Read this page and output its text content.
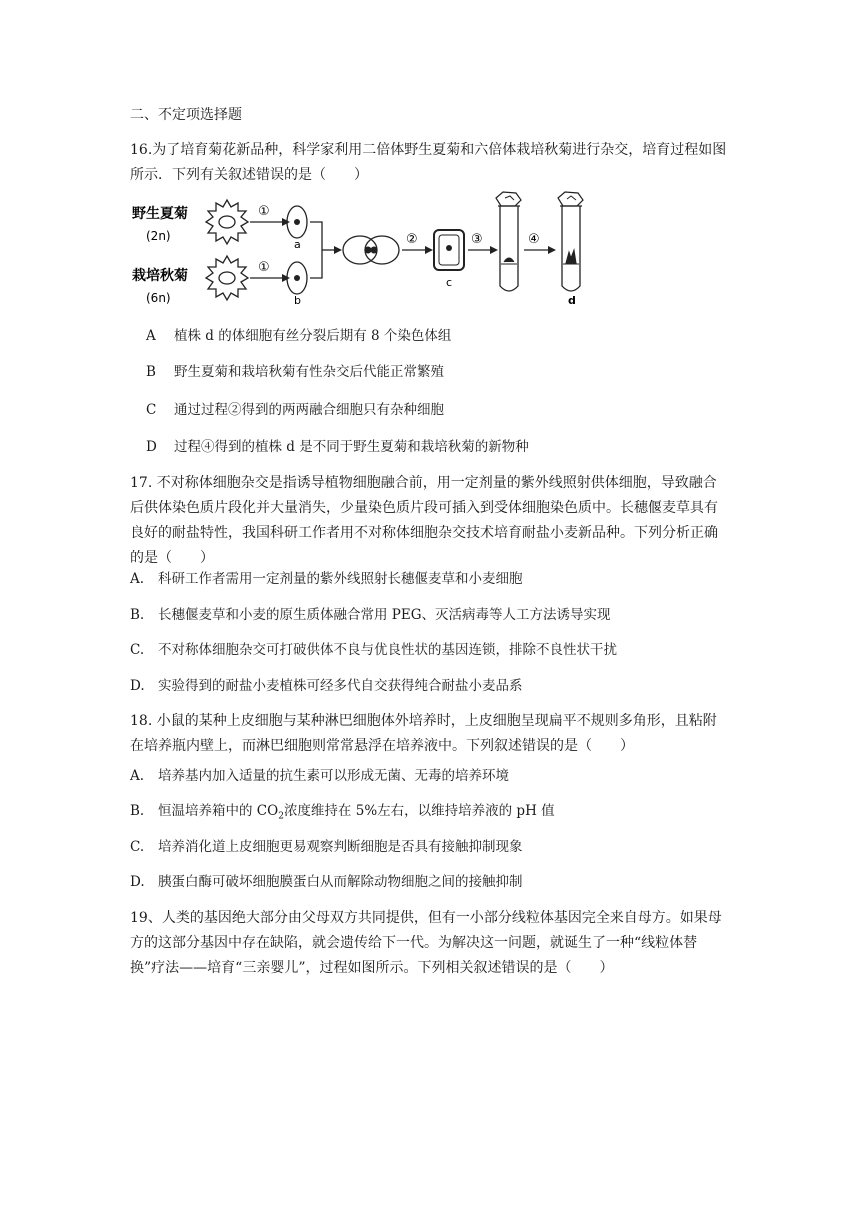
二、不定项选择题
16.为了培育菊花新品种，科学家利用二倍体野生夏菊和六倍体栽培秋菊进行杂交，培育过程如图所示．下列有关叙述错误的是（　　）
野生夏菊
(2n)
栽培秋菊
(6n)
①
①
a
b
②
c
③	④
d
A 植株 d 的体细胞有丝分裂后期有 8 个染色体组
B 野生夏菊和栽培秋菊有性杂交后代能正常繁殖
C 通过过程②得到的两两融合细胞只有杂种细胞
D 过程④得到的植株 d 是不同于野生夏菊和栽培秋菊的新物种
17. 不对称体细胞杂交是指诱导植物细胞融合前，用一定剂量的紫外线照射供体细胞，导致融合后供体染色质片段化并大量消失，少量染色质片段可插入到受体细胞染色质中。长穗偃麦草具有良好的耐盐特性，我国科研工作者用不对称体细胞杂交技术培育耐盐小麦新品种。下列分析正确的是（　　）
A. 科研工作者需用一定剂量的紫外线照射长穗偃麦草和小麦细胞
B. 长穗偃麦草和小麦的原生质体融合常用 PEG、灭活病毒等人工方法诱导实现
C. 不对称体细胞杂交可打破供体不良与优良性状的基因连锁，排除不良性状干扰
D. 实验得到的耐盐小麦植株可经多代自交获得纯合耐盐小麦品系
18. 小鼠的某种上皮细胞与某种淋巴细胞体外培养时，上皮细胞呈现扁平不规则多角形，且粘附在培养瓶内壁上，而淋巴细胞则常常悬浮在培养液中。下列叙述错误的是（　　）
A. 培养基内加入适量的抗生素可以形成无菌、无毒的培养环境
B. 恒温培养箱中的 $CO_2$浓度维持在 5%左右，以维持培养液的 pH 值
C. 培养消化道上皮细胞更易观察判断细胞是否具有接触抑制现象
D. 胰蛋白酶可破坏细胞膜蛋白从而解除动物细胞之间的接触抑制
19、人类的基因绝大部分由父母双方共同提供，但有一小部分线粒体基因完全来自母方。如果母方的这部分基因中存在缺陷，就会遗传给下一代。为解决这一问题，就诞生了一种“线粒体替换”疗法——培育“三亲婴儿”，过程如图所示。下列相关叙述错误的是（　　）
